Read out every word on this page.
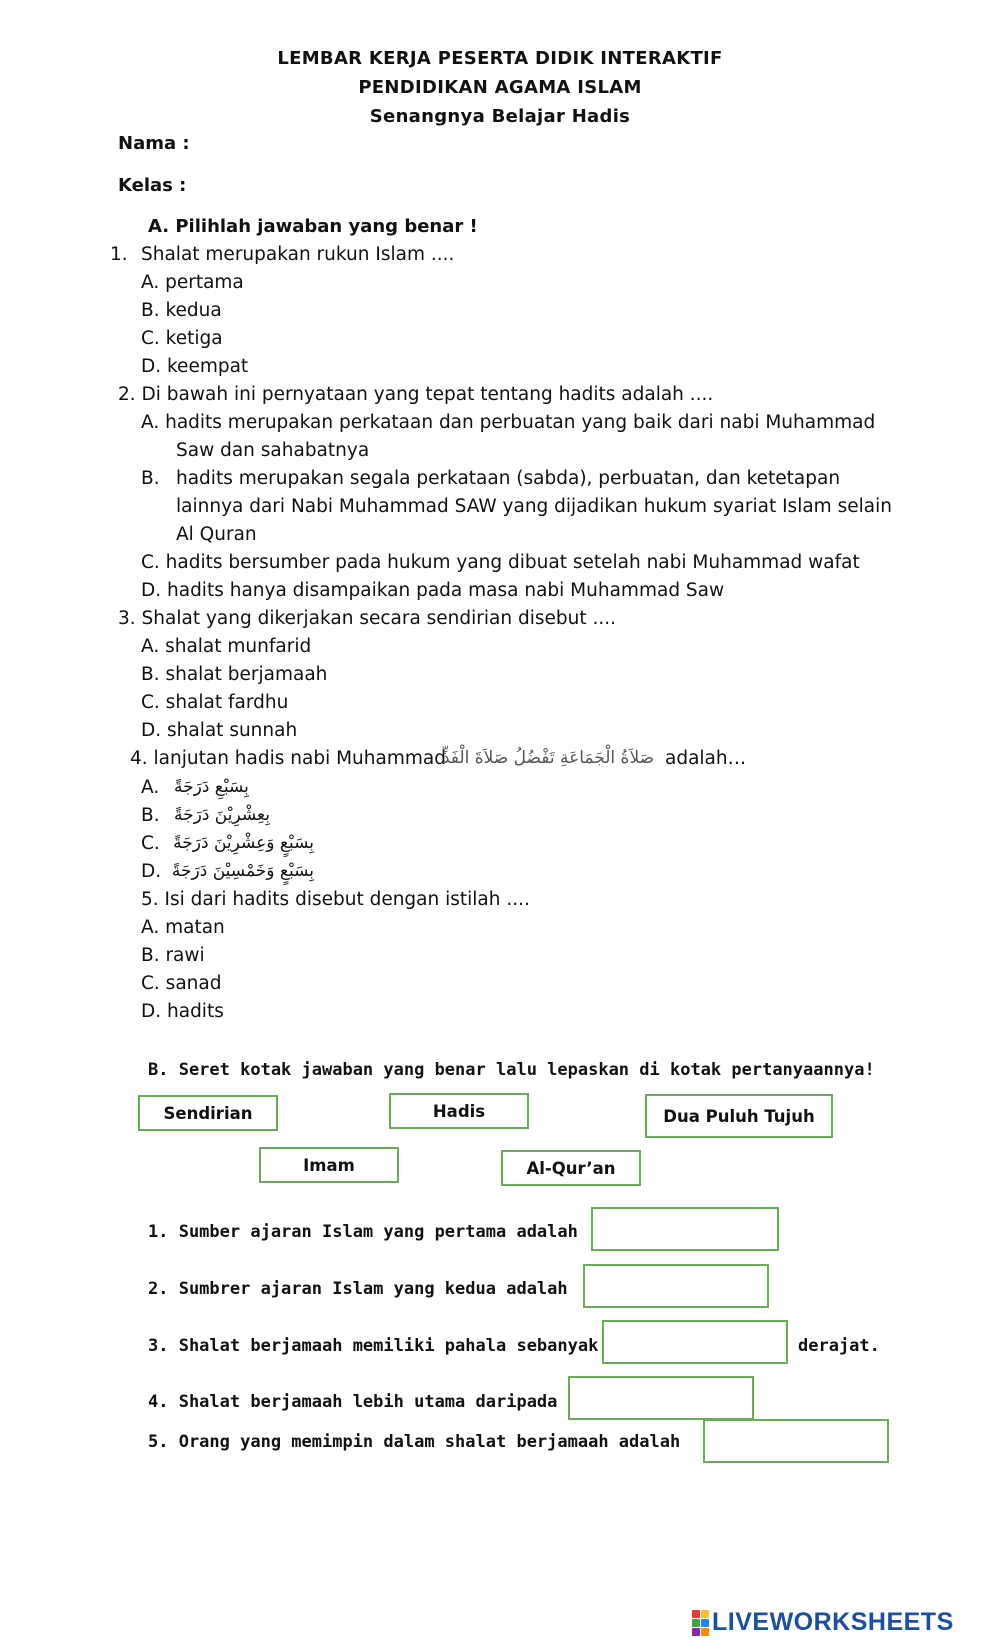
LEMBAR KERJA PESERTA DIDIK INTERAKTIF
PENDIDIKAN AGAMA ISLAM
Senangnya Belajar Hadis
Nama :
Kelas :
A. Pilihlah jawaban yang benar !
1. Shalat merupakan rukun Islam ....
A. pertama
B. kedua
C. ketiga
D. keempat
2. Di bawah ini pernyataan yang tepat tentang hadits adalah ....
A. hadits merupakan perkataan dan perbuatan yang baik dari nabi Muhammad
Saw dan sahabatnya
B. hadits merupakan segala perkataan (sabda), perbuatan, dan ketetapan
lainnya dari Nabi Muhammad SAW yang dijadikan hukum syariat Islam selain
Al Quran
C. hadits bersumber pada hukum yang dibuat setelah nabi Muhammad wafat
D. hadits hanya disampaikan pada masa nabi Muhammad Saw
3. Shalat yang dikerjakan secara sendirian disebut ....
A. shalat munfarid
B. shalat berjamaah
C. shalat fardhu
D. shalat sunnah
4. lanjutan hadis nabi Muhammad
صَلاَةُ الْجَمَاعَةِ تَفْضُلُ صَلاَةَ الْفَذِّ adalah…
A. بِسَبْعِ دَرَجَةً
B. بِعِشْرِيْنَ دَرَجَةً
C. بِسَبْعٍ وَعِشْرِيْنَ دَرَجَةً
D. بِسَبْعٍ وَخَمْسِيْنَ دَرَجَةً
5. Isi dari hadits disebut dengan istilah ....
A. matan
B. rawi
C. sanad
D. hadits
B. Seret kotak jawaban yang benar lalu lepaskan di kotak pertanyaannya!
Sendirian	Hadis	Dua Puluh Tujuh
Imam	Al-Qur’an
1. Sumber ajaran Islam yang pertama adalah
2. Sumbrer ajaran Islam yang kedua adalah
3. Shalat berjamaah memiliki pahala sebanyak	derajat.
4. Shalat berjamaah lebih utama daripada
5. Orang yang memimpin dalam shalat berjamaah adalah
LIVEWORKSHEETS
